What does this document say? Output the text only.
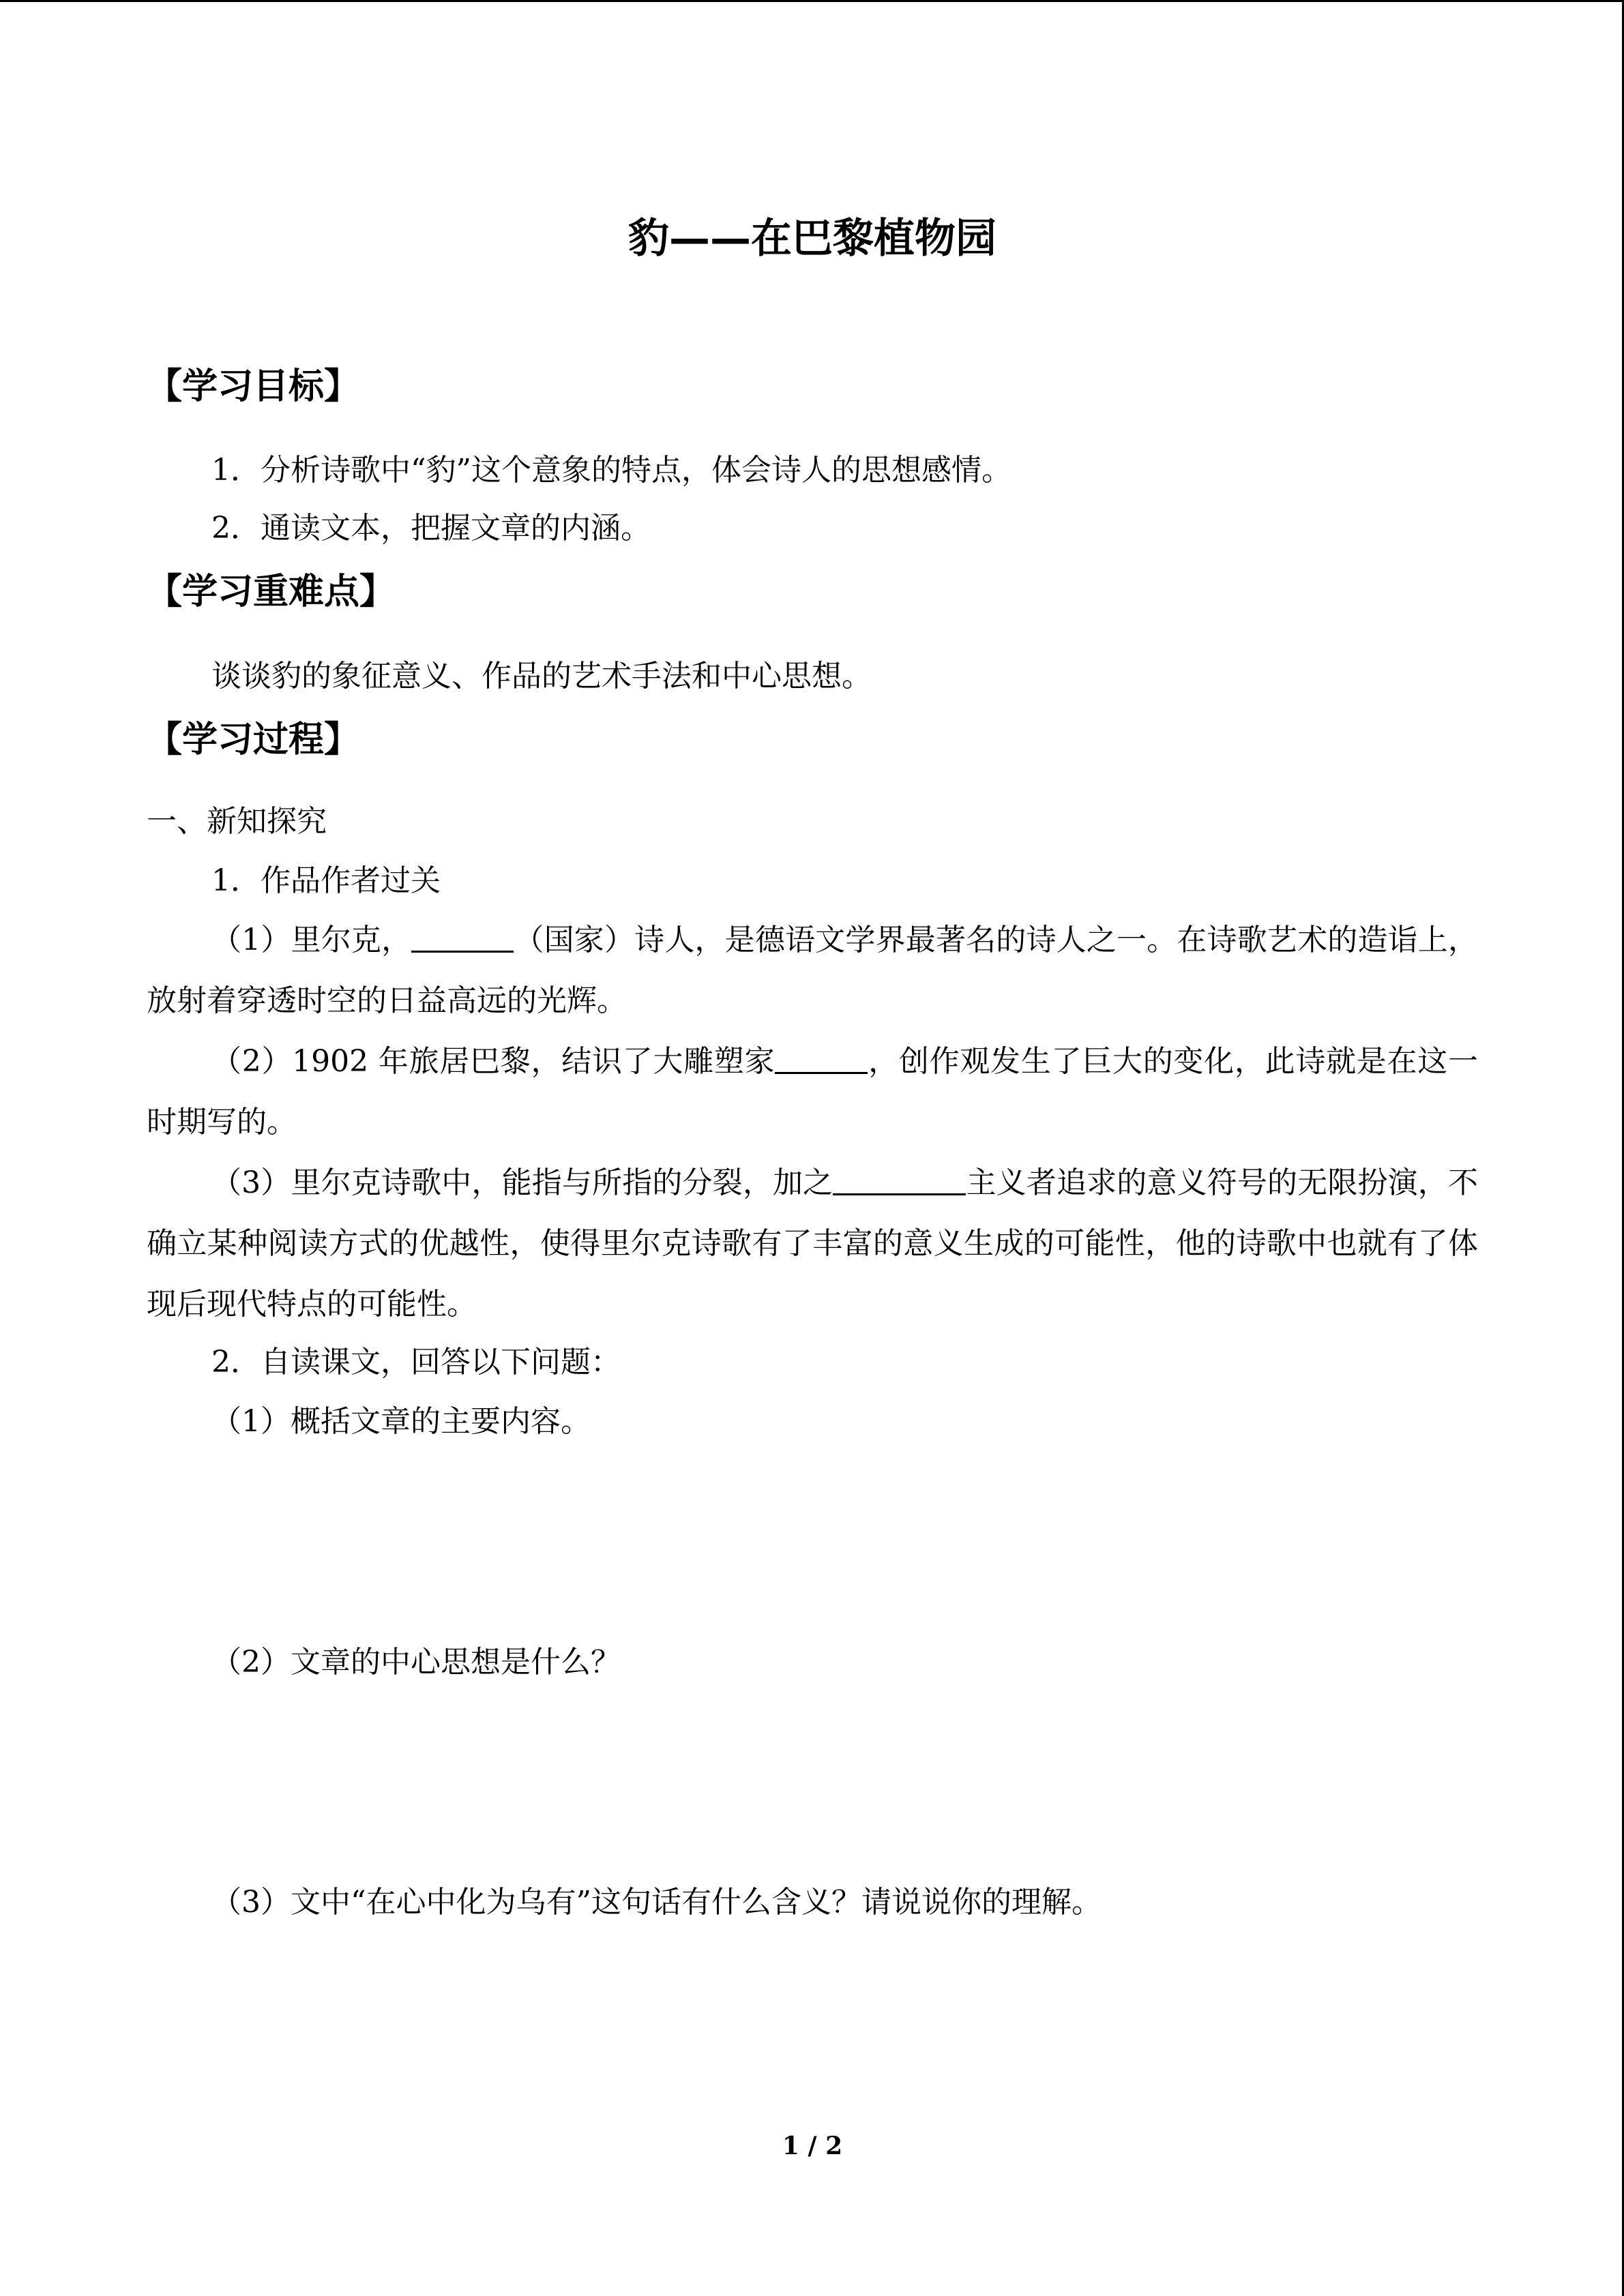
豹——在巴黎植物园
【学习目标】
1．分析诗歌中“豹”这个意象的特点，体会诗人的思想感情。
2．通读文本，把握文章的内涵。
【学习重难点】
谈谈豹的象征意义、作品的艺术手法和中心思想。
【学习过程】
一、新知探究
1．作品作者过关
（1）里尔克，	（国家）诗人，是德语文学界最著名的诗人之一。在诗歌艺术的造诣上，放射着穿透时空的日益高远的光辉。
（2）1902 年旅居巴黎，结识了大雕塑家	，创作观发生了巨大的变化，此诗就是在这一时期写的。
（3）里尔克诗歌中，能指与所指的分裂，加之	主义者追求的意义符号的无限扮演，不确立某种阅读方式的优越性，使得里尔克诗歌有了丰富的意义生成的可能性，他的诗歌中也就有了体现后现代特点的可能性。
2．自读课文，回答以下问题：
（1）概括文章的主要内容。
（2）文章的中心思想是什么？
（3）文中“在心中化为乌有”这句话有什么含义？请说说你的理解。
1 / 2
